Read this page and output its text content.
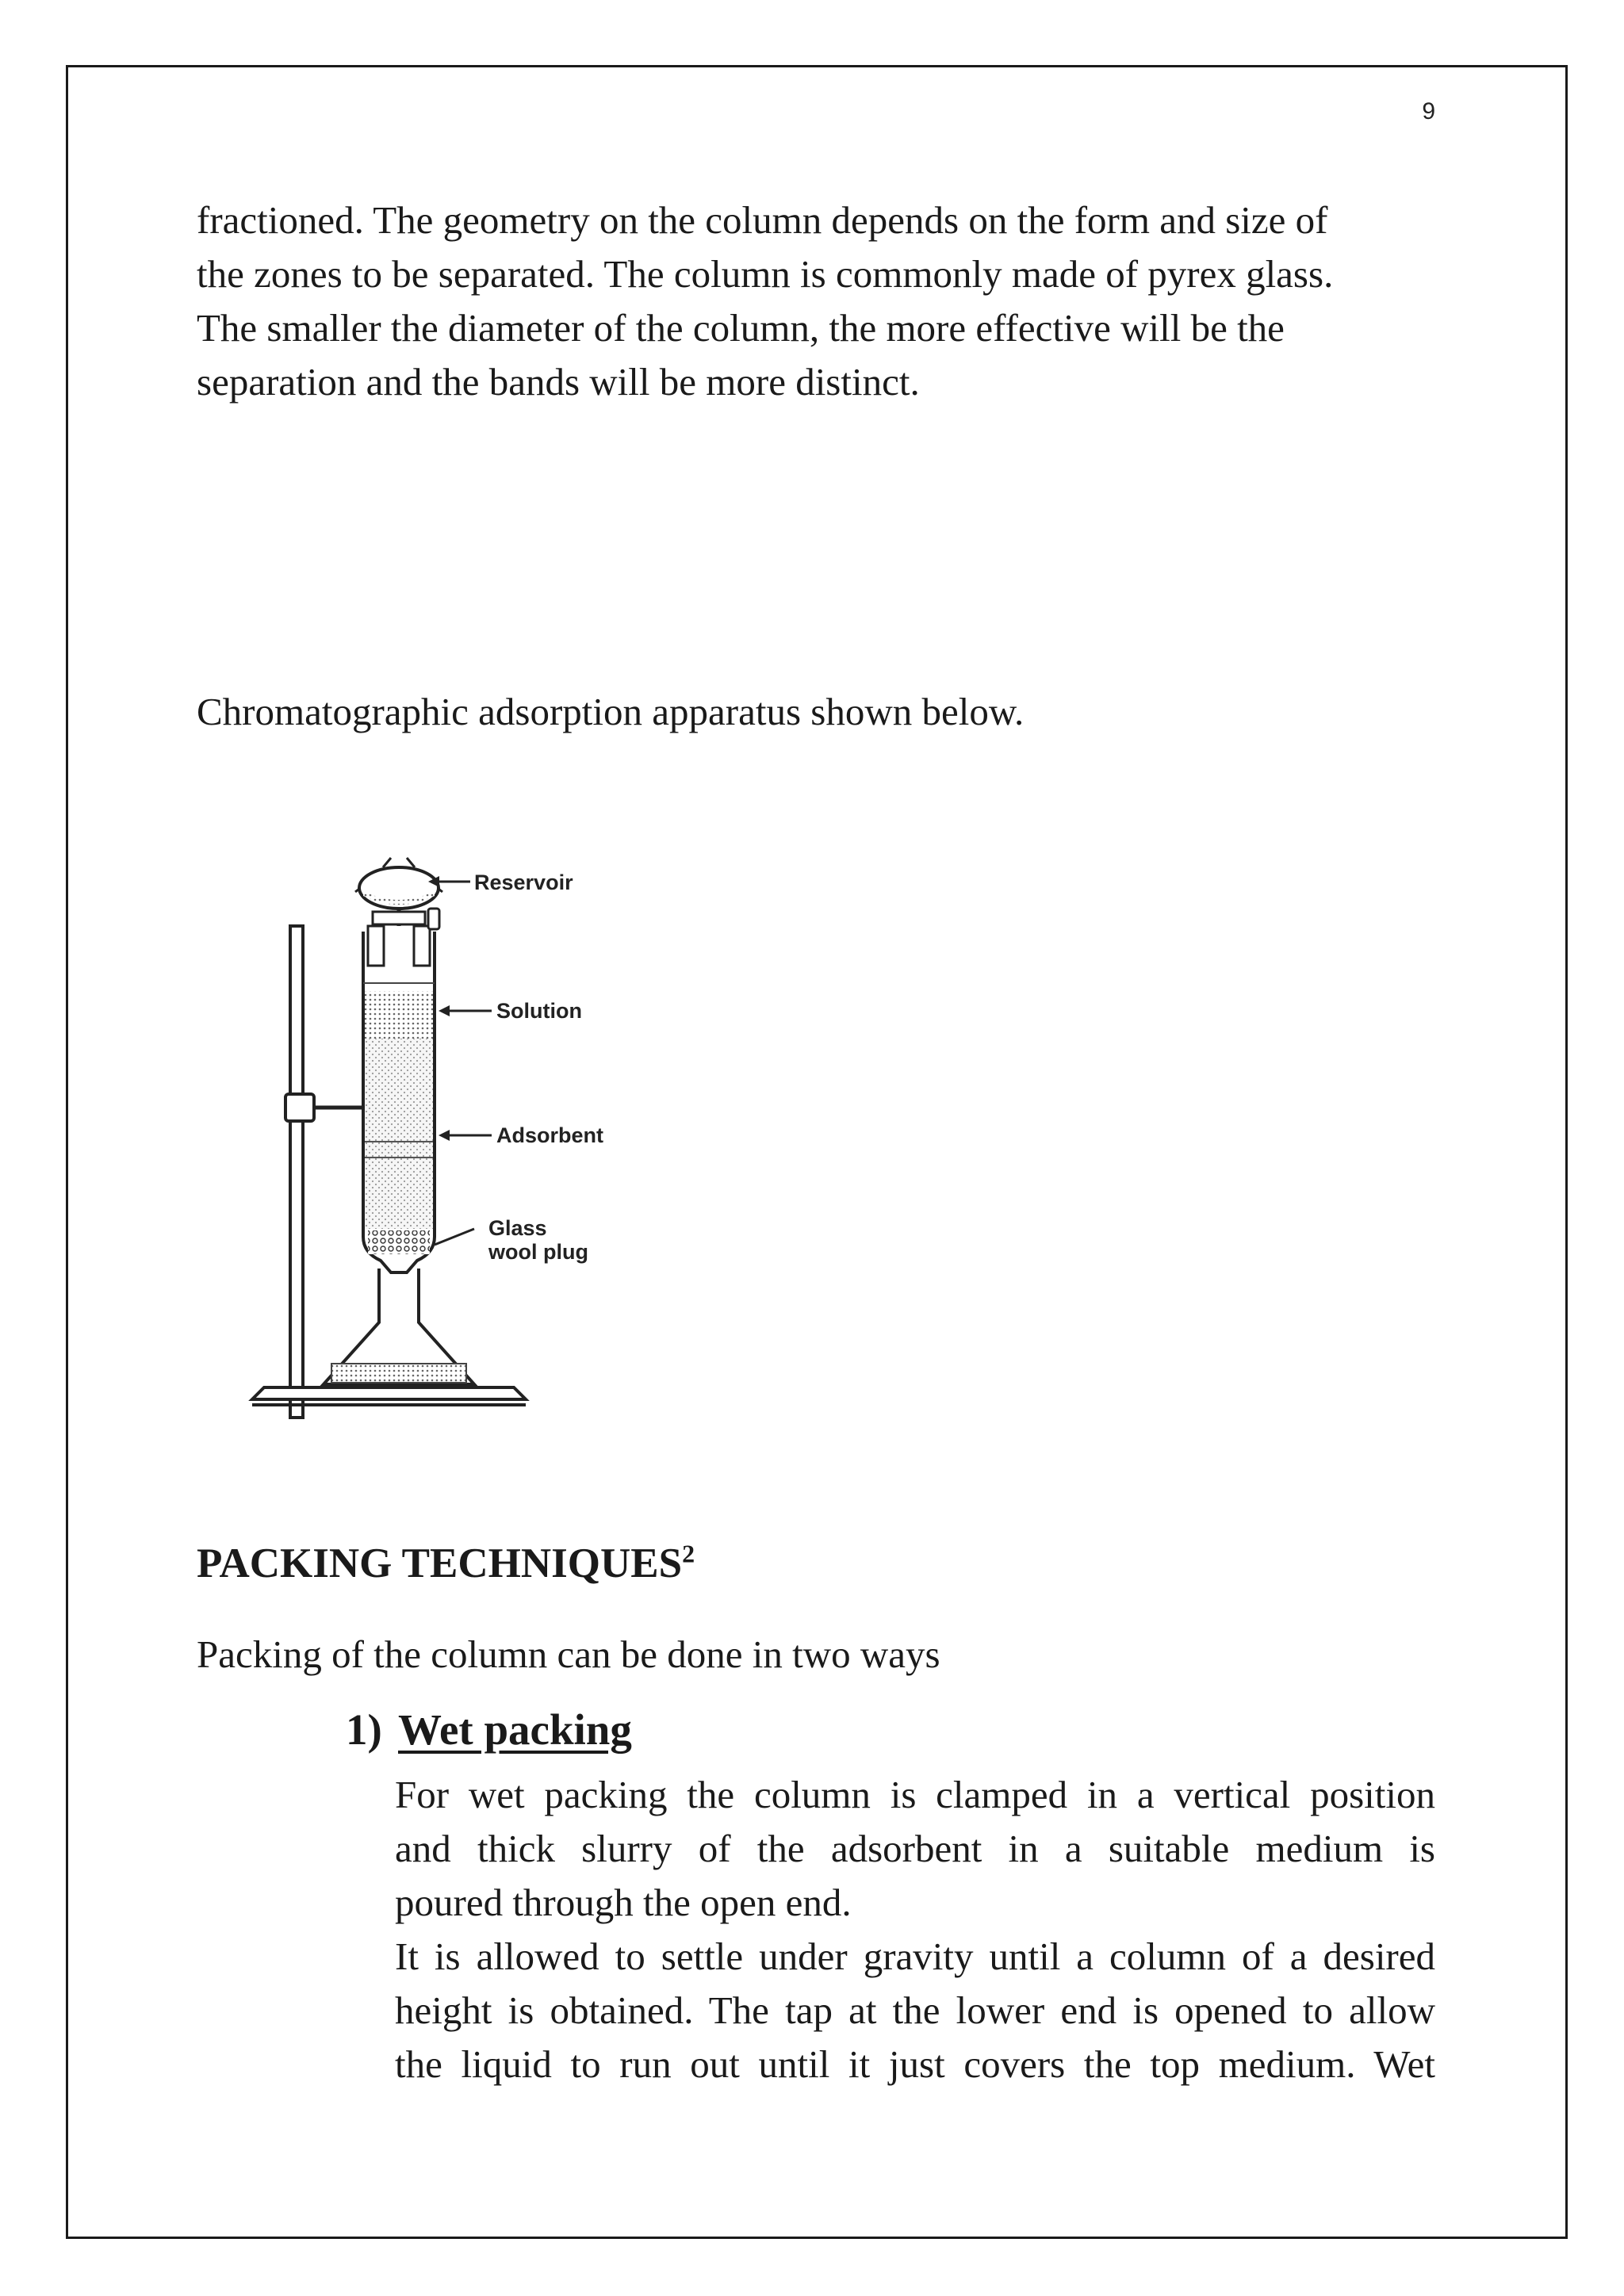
9

fractioned. The geometry on the column depends on the form and size of
the zones to be separated. The column is commonly made of pyrex glass.
The smaller the diameter of the column, the more effective will be the
separation and the bands will be more distinct.

Chromatographic adsorption apparatus shown below.

Reservoir
Solution
Adsorbent
Glass
wool plug
PACKING TECHNIQUES$^2$

Packing of the column can be done in two ways

1) Wet packing

For wet packing the column is clamped in a vertical position
and thick slurry of the adsorbent in a suitable medium is
poured through the open end.
It is allowed to settle under gravity until a column of a desired
height is obtained. The tap at the lower end is opened to allow
the liquid to run out until it just covers the top medium. Wet
